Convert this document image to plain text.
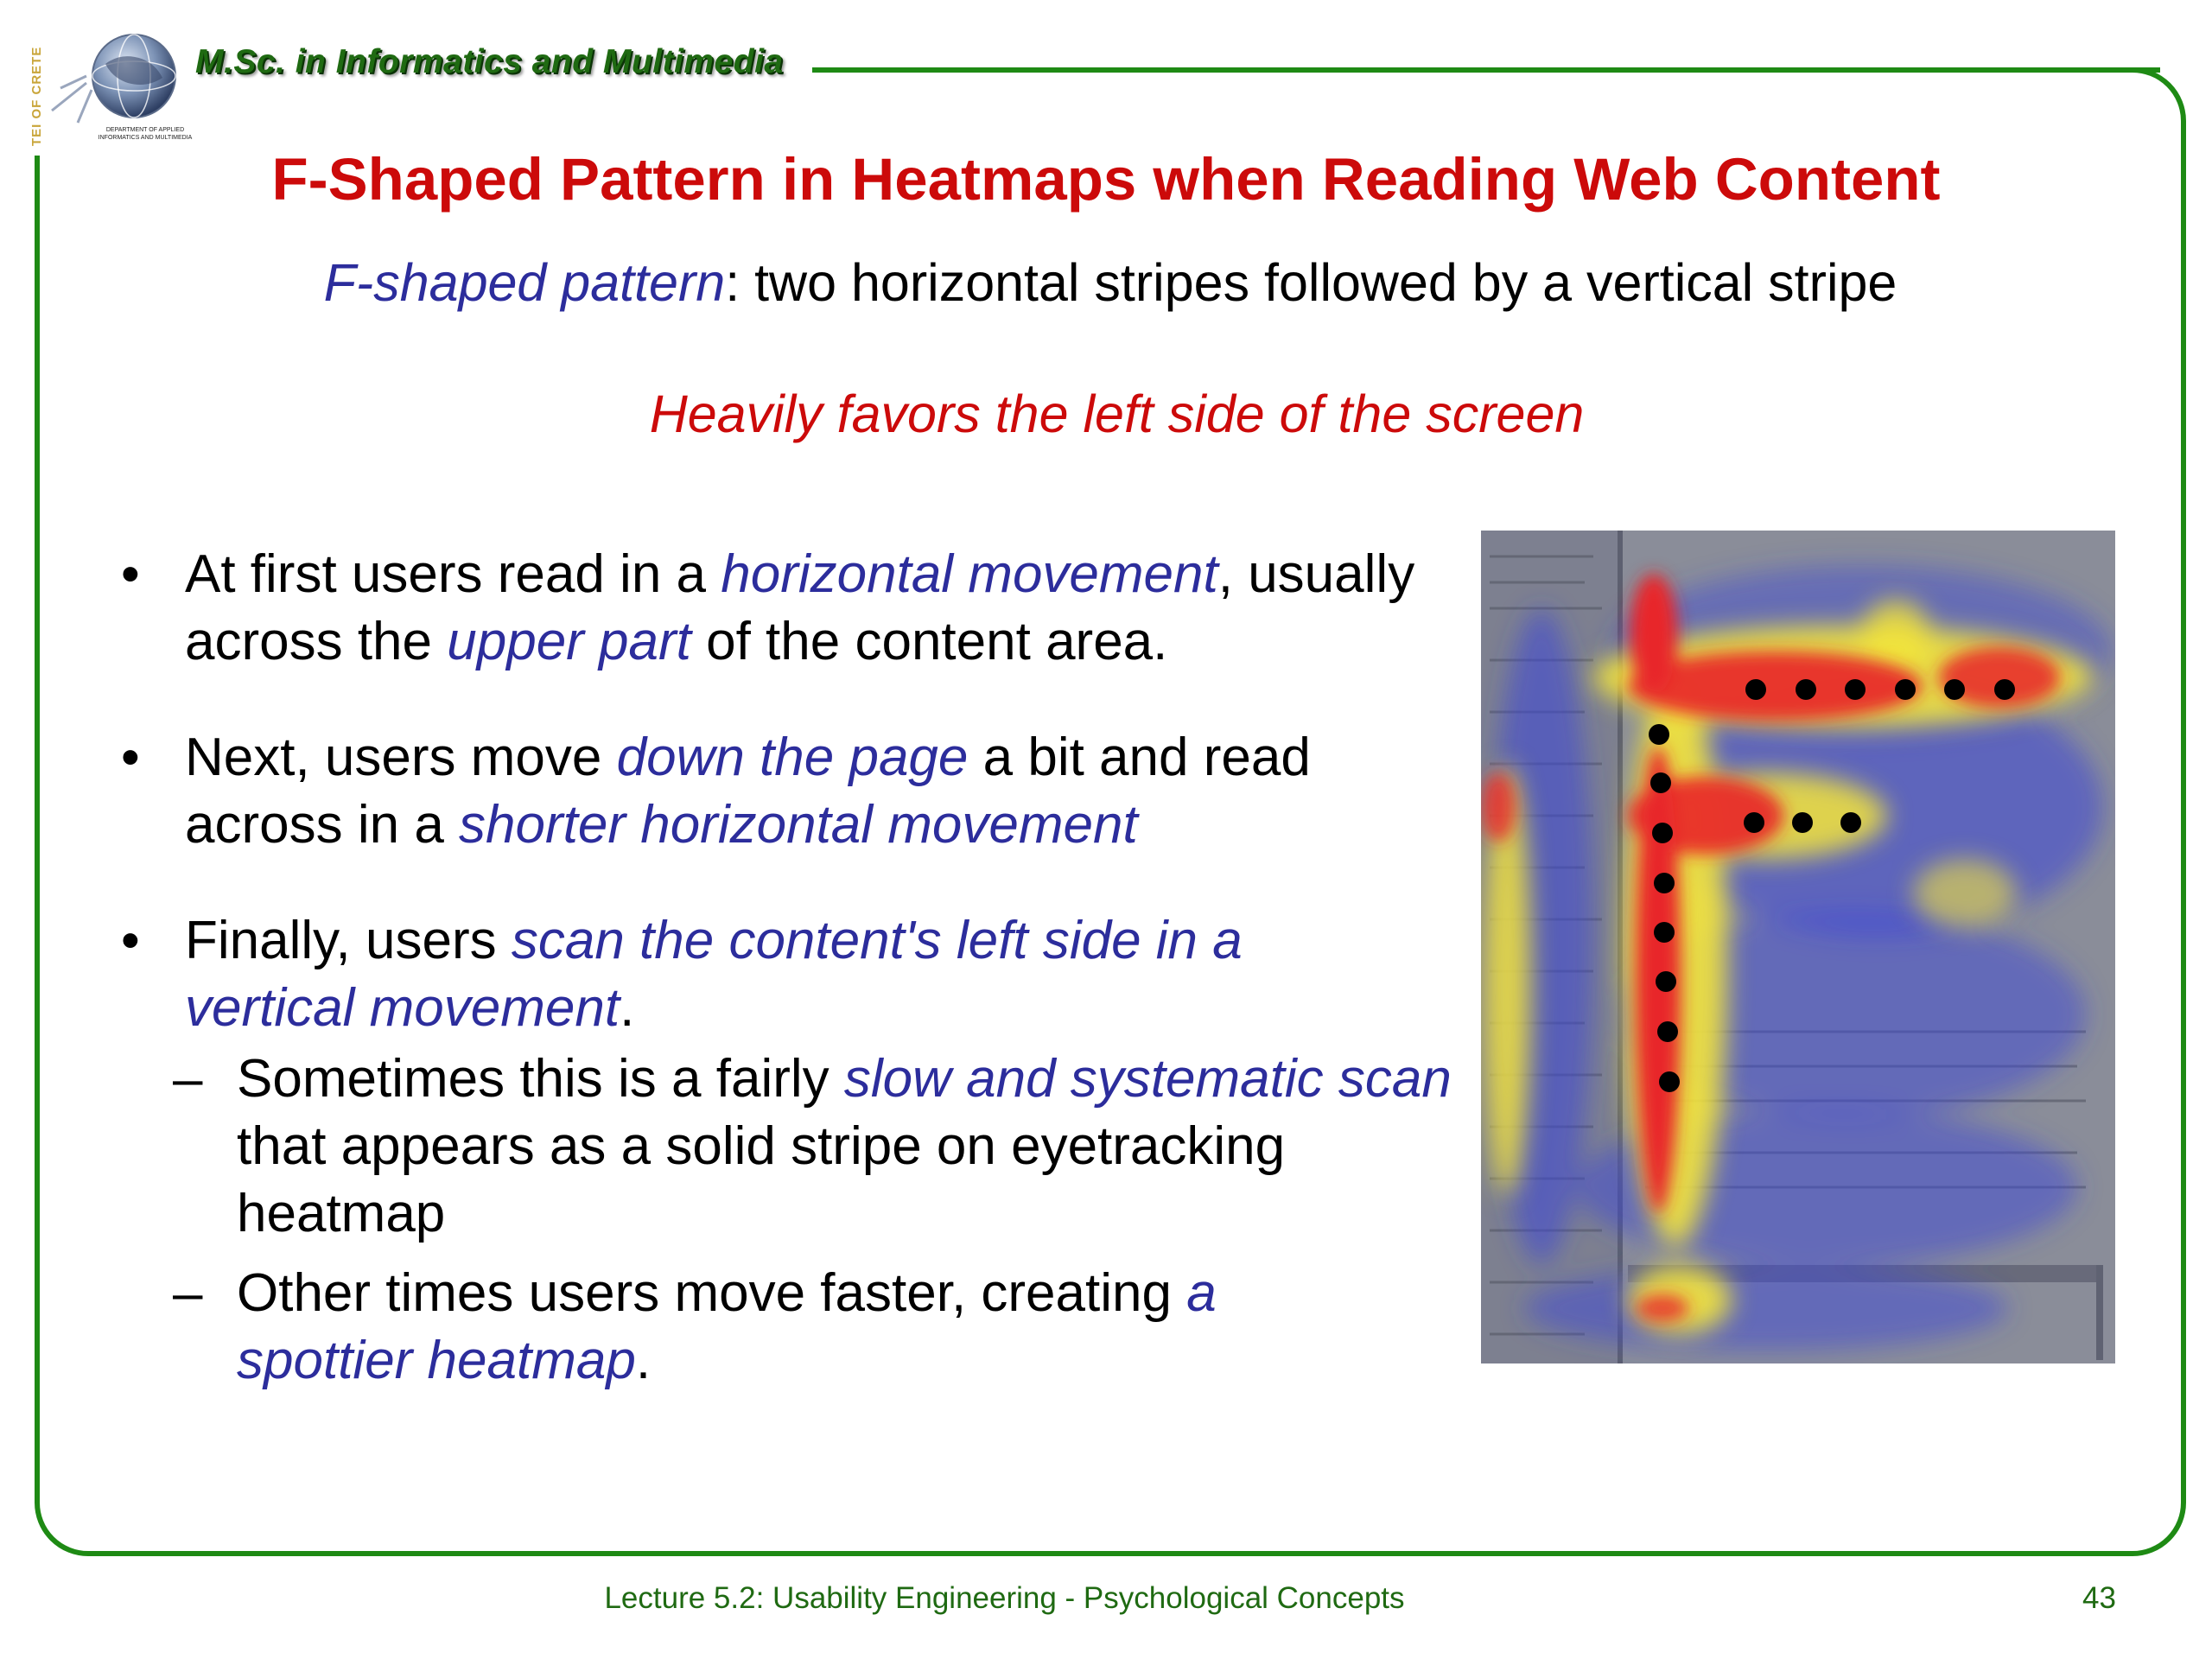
DEPARTMENT OF APPLIED
INFORMATICS AND MULTIMEDIA
TEI OF CRETE	M.Sc. in Informatics and Multimedia
F-Shaped Pattern in Heatmaps when Reading Web Content
F-shaped pattern: two horizontal stripes followed by a vertical stripe
Heavily favors the left side of the screen
• At first users read in a horizontal movement, usually across the upper part of the content area.
• Next, users move down the page a bit and read across in a shorter horizontal movement
• Finally, users scan the content's left side in a vertical movement.
– Sometimes this is a fairly slow and systematic scan that appears as a solid stripe on eyetracking heatmap
– Other times users move faster, creating a spottier heatmap.
Lecture 5.2: Usability Engineering - Psychological Concepts	43
